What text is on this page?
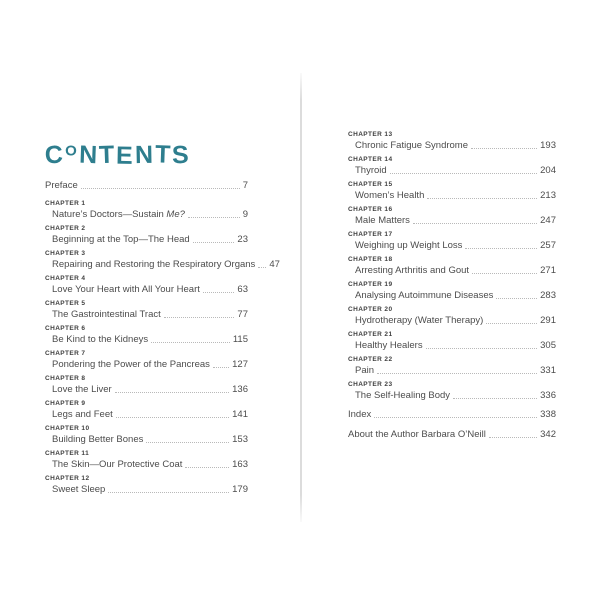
CONTENTS
Preface	7
CHAPTER 1
Nature’s Doctors—Sustain Me?	9
CHAPTER 2
Beginning at the Top—The Head	23
CHAPTER 3
Repairing and Restoring the Respiratory Organs 47
CHAPTER 4
Love Your Heart with All Your Heart	63
CHAPTER 5
The Gastrointestinal Tract	77
CHAPTER 6
Be Kind to the Kidneys	115
CHAPTER 7
Pondering the Power of the Pancreas 127
CHAPTER 8
Love the Liver	136
CHAPTER 9
Legs and Feet	141
CHAPTER 10
Building Better Bones	153
CHAPTER 11
The Skin—Our Protective Coat	163
CHAPTER 12
Sweet Sleep	179
CHAPTER 13
Chronic Fatigue Syndrome	193
CHAPTER 14
Thyroid	204
CHAPTER 15
Women’s Health	213
CHAPTER 16
Male Matters	247
CHAPTER 17
Weighing up Weight Loss	257
CHAPTER 18
Arresting Arthritis and Gout	271
CHAPTER 19
Analysing Autoimmune Diseases	283
CHAPTER 20
Hydrotherapy (Water Therapy)	291
CHAPTER 21
Healthy Healers	305
CHAPTER 22
Pain	331
CHAPTER 23
The Self-Healing Body	336
Index	338
About the Author Barbara O’Neill	342
